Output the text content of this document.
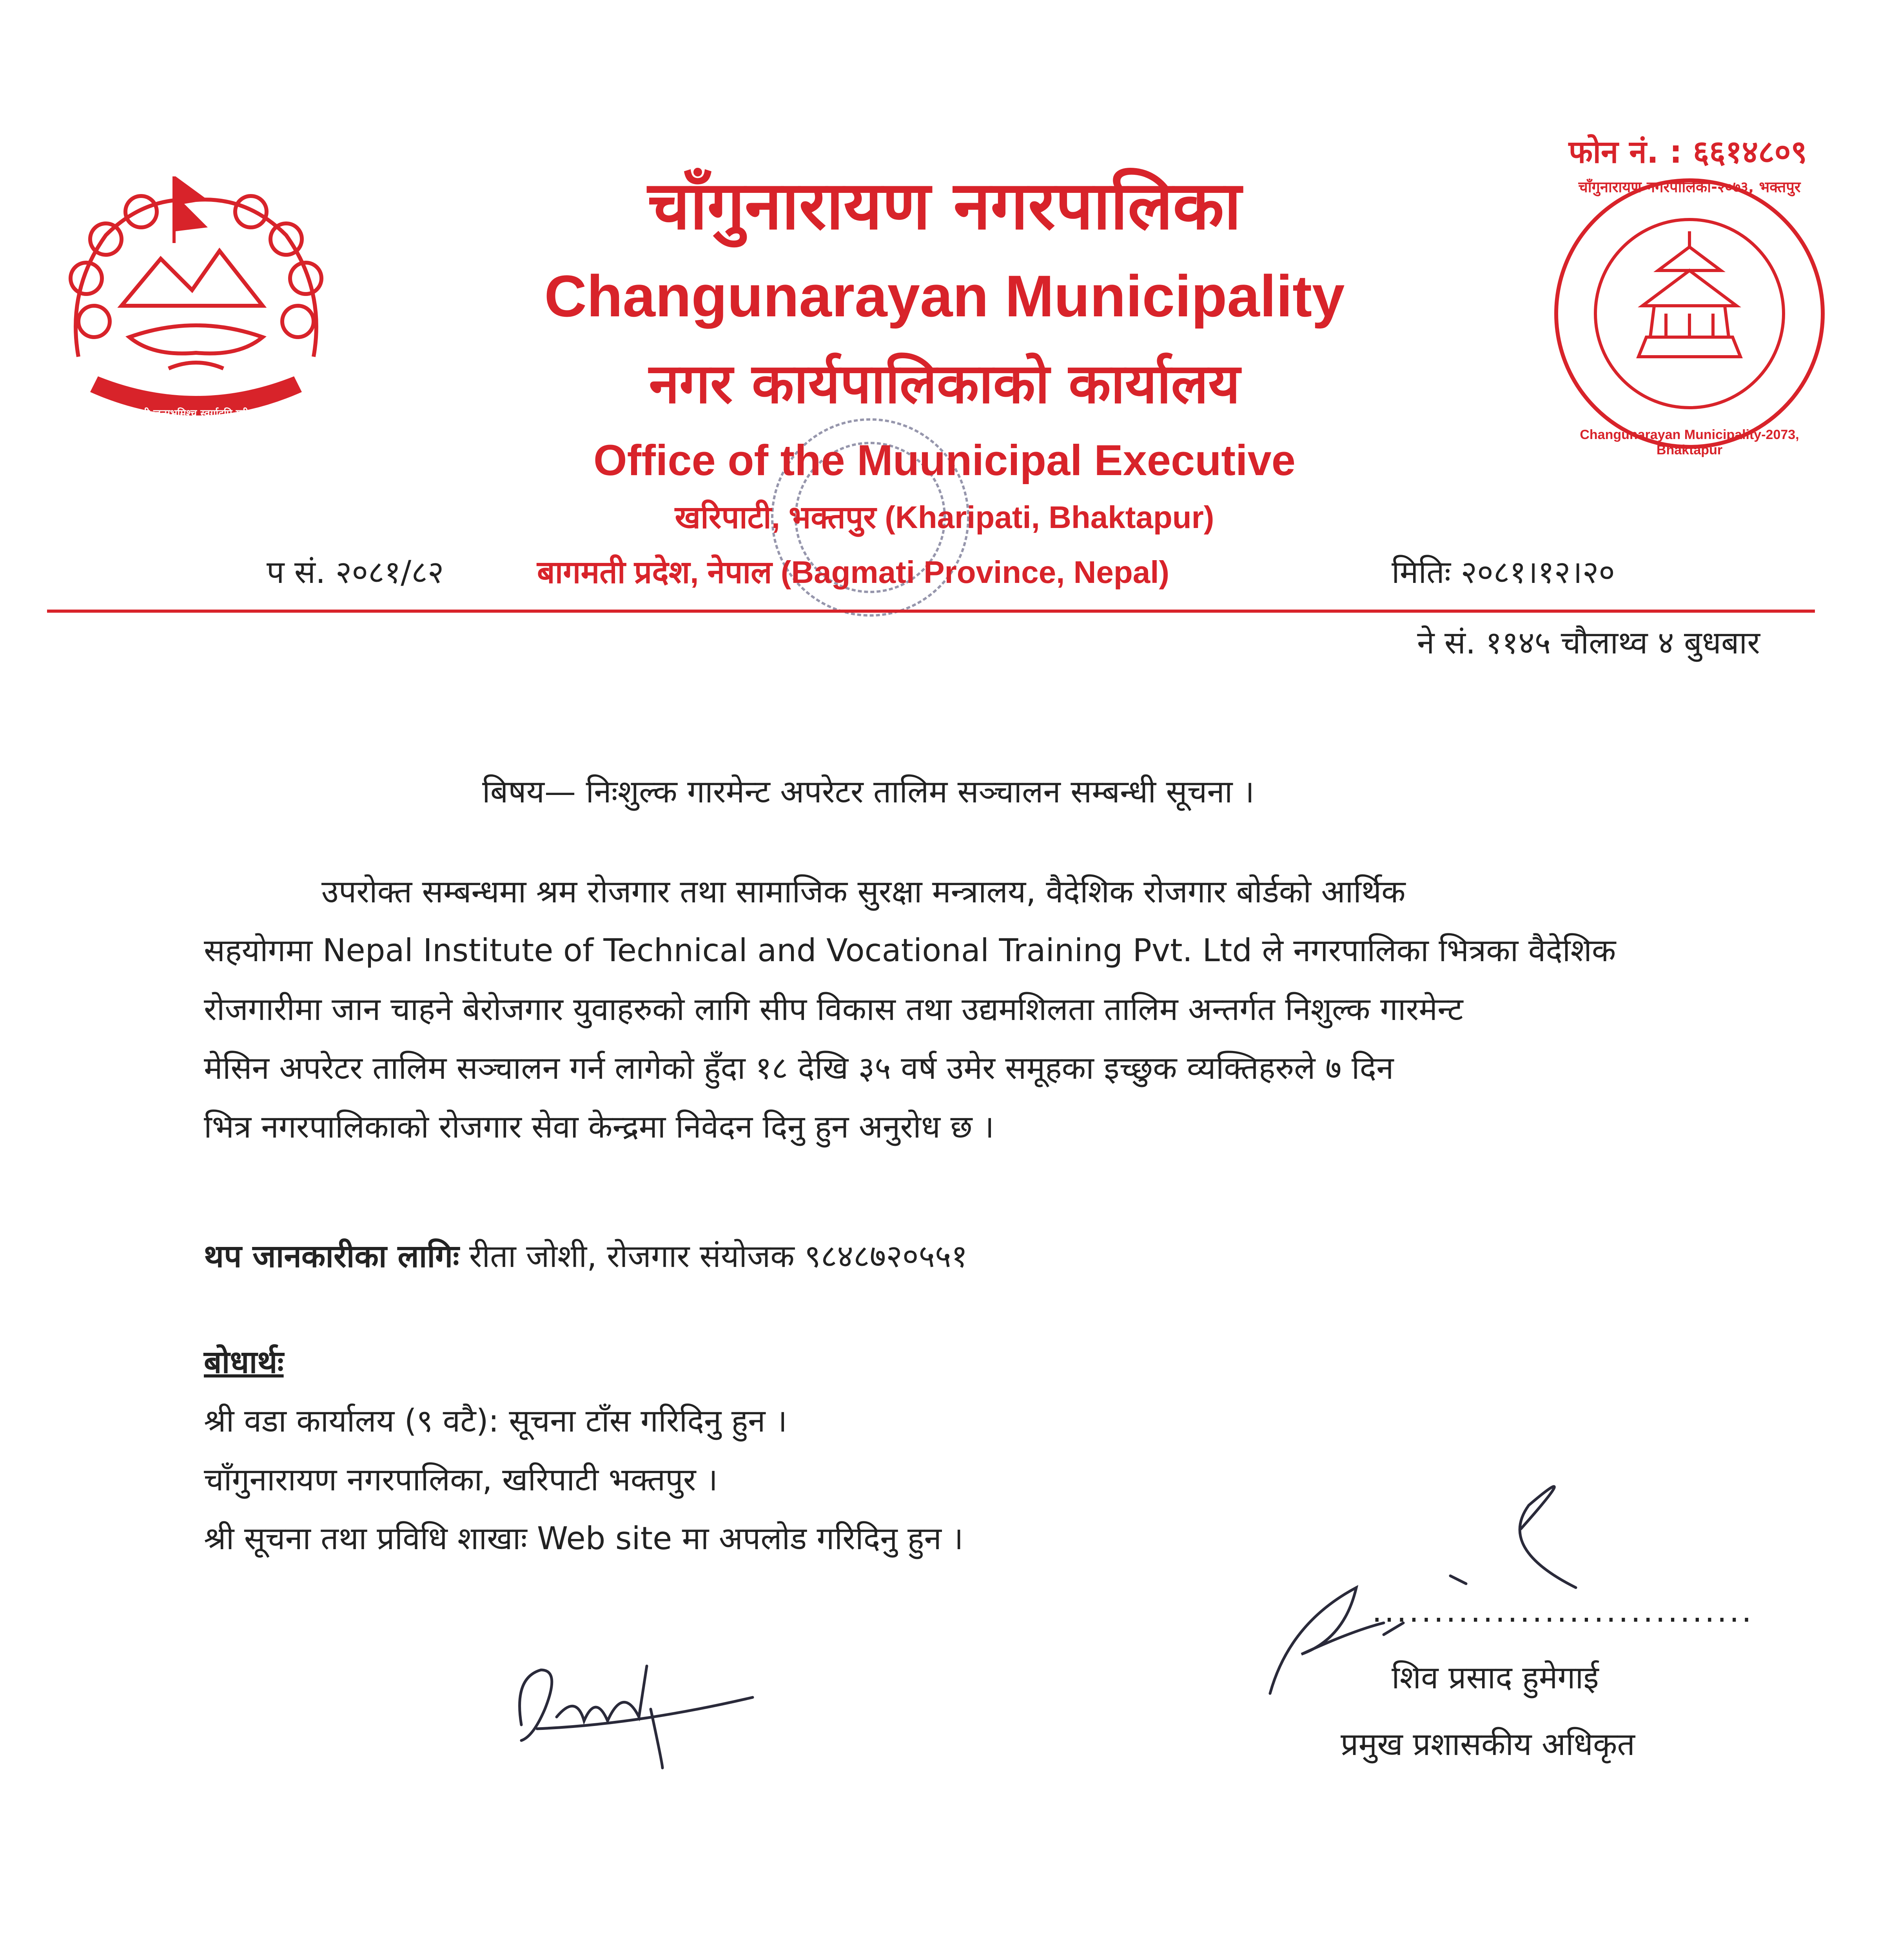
जननी जन्मभूमिश्च स्वर्गादपि गरीयसी
चाँगुनारायण नगरपालिका-२०७३, भक्तपुर
Changunarayan Municipality-2073, Bhaktapur
फोन नं. : ६६१४८०९
चाँगुनारायण नगरपालिका
Changunarayan Municipality
नगर कार्यपालिकाको कार्यालय
Office of the Muunicipal Executive
खरिपाटी, भक्तपुर (Kharipati, Bhaktapur)
प सं. २०८१/८२	बागमती प्रदेश, नेपाल (Bagmati Province, Nepal)	मितिः २०८१।१२।२०
ने सं. ११४५ चौलाथ्व ४ बुधबार
बिषय— निःशुल्क गारमेन्ट अपरेटर तालिम सञ्चालन सम्बन्धी सूचना ।
उपरोक्त सम्बन्धमा श्रम रोजगार तथा सामाजिक सुरक्षा मन्त्रालय, वैदेशिक रोजगार बोर्डको आर्थिक
सहयोगमा Nepal Institute of Technical and Vocational Training Pvt. Ltd ले नगरपालिका भित्रका वैदेशिक
रोजगारीमा जान चाहने बेरोजगार युवाहरुको लागि सीप विकास तथा उद्यमशिलता तालिम अन्तर्गत निशुल्क गारमेन्ट
मेसिन अपरेटर तालिम सञ्चालन गर्न लागेको हुँदा १८ देखि ३५ वर्ष उमेर समूहका इच्छुक व्यक्तिहरुले ७ दिन
भित्र नगरपालिकाको रोजगार सेवा केन्द्रमा निवेदन दिनु हुन अनुरोध छ ।
थप जानकारीका लागिः रीता जोशी, रोजगार संयोजक ९८४८७२०५५१
बोधार्थः
श्री वडा कार्यालय (९ वटै): सूचना टाँस गरिदिनु हुन ।
चाँगुनारायण नगरपालिका, खरिपाटी भक्तपुर ।
श्री सूचना तथा प्रविधि शाखाः Web site मा अपलोड गरिदिनु हुन ।
...............................
शिव प्रसाद हुमेगाई
प्रमुख प्रशासकीय अधिकृत
